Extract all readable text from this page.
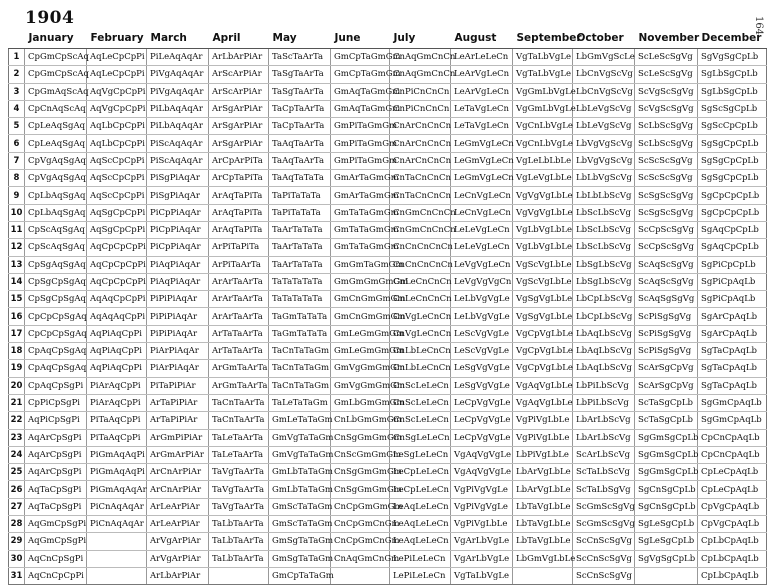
1904	164
	January	February	March	April	May	June	July	August	September	October	November	December
1	CpGmCpScAq	AqLeCpCpPi	PiLeAqAqAr	ArLbArPiAr	TaScTaArTa	GmCpTaGmGm	CnAqGmCnCn	LeArLeLeCn	VgTaLbVgLe	LbGmVgScLe	ScLeScSgVg	SgVgSgCpLb
2	CpGmCpScAq	AqLeCpCpPi	PiVgAqAqAr	ArScArPiAr	TaSgTaArTa	GmCpTaGmGm	CnAqGmCnCn	LeArVgLeCn	VgTaLbVgLe	LbCnVgScVg	ScLeScSgVg	SgLbSgCpLb
3	CpGmAqScAq	AqVgCpCpPi	PiVgAqAqAr	ArScArPiAr	TaSgTaArTa	GmAqTaGmGm	CnPiCnCnCn	LeArVgLeCn	VgGmLbVgLe	LbCnVgScVg	ScVgScSgVg	SgLbSgCpLb
4	CpCnAqScAq	AqVgCpCpPi	PiLbAqAqAr	ArSgArPiAr	TaCpTaArTa	GmAqTaGmGm	CnPiCnCnCn	LeTaVgLeCn	VgGmLbVgLe	LbLeVgScVg	ScVgScSgVg	SgScSgCpLb
5	CpLeAqSgAq	AqLbCpCpPi	PiLbAqAqAr	ArSgArPiAr	TaCpTaArTa	GmPiTaGmGm	CnArCnCnCn	LeTaVgLeCn	VgCnLbVgLe	LbLeVgScVg	ScLbScSgVg	SgScCpCpLb
6	CpLeAqSgAq	AqLbCpCpPi	PiScAqAqAr	ArSgArPiAr	TaAqTaArTa	GmPiTaGmGm	CnArCnCnCn	LeGmVgLeCn	VgCnLbVgLe	LbVgVgScVg	ScLbScSgVg	SgSgCpCpLb
7	CpVgAqSgAq	AqScCpCpPi	PiScAqAqAr	ArCpArPiTa	TaAqTaArTa	GmPiTaGmGm	CnArCnCnCn	LeGmVgLeCn	VgLeLbLbLe	LbVgVgScVg	ScScScSgVg	SgSgCpCpLb
8	CpVgAqSgAq	AqScCpCpPi	PiSgPiAqAr	ArCpTaPiTa	TaAqTaTaTa	GmArTaGmGm	CnTaCnCnCn	LeGmVgLeCn	VgLeVgLbLe	LbLbVgScVg	ScScScSgVg	SgSgCpCpLb
9	CpLbAqSgAq	AqScCpCpPi	PiSgPiAqAr	ArAqTaPiTa	TaPiTaTaTa	GmArTaGmGm	CnTaCnCnCn	LeCnVgLeCn	VgVgVgLbLe	LbLbLbScVg	ScSgScSgVg	SgCpCpCpLb
10	CpLbAqSgAq	AqSgCpCpPi	PiCpPiAqAr	ArAqTaPiTa	TaPiTaTaTa	GmTaTaGmGm	CnGmCnCnCn	LeCnVgLeCn	VgVgVgLbLe	LbScLbScVg	ScSgScSgVg	SgCpCpCpLb
11	CpScAqSgAq	AqSgCpCpPi	PiCpPiAqAr	ArAqTaPiTa	TaArTaTaTa	GmTaTaGmGm	CnGmCnCnCn	LeLeVgLeCn	VgLbVgLbLe	LbScLbScVg	ScCpScSgVg	SgAqCpCpLb
12	CpScAqSgAq	AqCpCpCpPi	PiCpPiAqAr	ArPiTaPiTa	TaArTaTaTa	GmTaTaGmGm	CnCnCnCnCn	LeLeVgLeCn	VgLbVgLbLe	LbScLbScVg	ScCpScSgVg	SgAqCpCpLb
13	CpSgAqSgAq	AqCpCpCpPi	PiAqPiAqAr	ArPiTaArTa	TaArTaTaTa	GmGmTaGmGm	CnCnCnCnCn	LeVgVgLeCn	VgScVgLbLe	LbSgLbScVg	ScAqScSgVg	SgPiCpCpLb
14	CpSgCpSgAq	AqCpCpCpPi	PiAqPiAqAr	ArArTaArTa	TaTaTaTaTa	GmGmGmGmGm	CnLeCnCnCn	LeVgVgVgCn	VgScVgLbLe	LbSgLbScVg	ScAqScSgVg	SgPiCpAqLb
15	CpSgCpSgAq	AqAqCpCpPi	PiPiPiAqAr	ArArTaArTa	TaTaTaTaTa	GmCnGmGmGm	CnLeCnCnCn	LeLbVgVgLe	VgSgVgLbLe	LbCpLbScVg	ScAqSgSgVg	SgPiCpAqLb
16	CpCpCpSgAq	AqAqAqCpPi	PiPiPiAqAr	ArArTaArTa	TaGmTaTaTa	GmCnGmGmGm	CnVgLeCnCn	LeLbVgVgLe	VgSgVgLbLe	LbCpLbScVg	ScPiSgSgVg	SgArCpAqLb
17	CpCpCpSgAq	AqPiAqCpPi	PiPiPiAqAr	ArTaTaArTa	TaGmTaTaTa	GmLeGmGmGm	CnVgLeCnCn	LeScVgVgLe	VgCpVgLbLe	LbAqLbScVg	ScPiSgSgVg	SgArCpAqLb
18	CpAqCpSgAq	AqPiAqCpPi	PiArPiAqAr	ArTaTaArTa	TaCnTaTaGm	GmLeGmGmGm	CnLbLeCnCn	LeScVgVgLe	VgCpVgLbLe	LbAqLbScVg	ScPiSgSgVg	SgTaCpAqLb
19	CpAqCpSgAq	AqPiAqCpPi	PiArPiAqAr	ArGmTaArTa	TaCnTaTaGm	GmVgGmGmGm	CnLbLeCnCn	LeSgVgVgLe	VgCpVgLbLe	LbAqLbScVg	ScArSgCpVg	SgTaCpAqLb
20	CpAqCpSgPi	PiArAqCpPi	PiTaPiPiAr	ArGmTaArTa	TaCnTaTaGm	GmVgGmGmGm	CnScLeLeCn	LeSgVgVgLe	VgAqVgLbLe	LbPiLbScVg	ScArSgCpVg	SgTaCpAqLb
21	CpPiCpSgPi	PiArAqCpPi	ArTaPiPiAr	TaCnTaArTa	TaLeTaTaGm	GmLbGmGmGm	CnScLeLeCn	LeCpVgVgLe	VgAqVgLbLe	LbPiLbScVg	ScTaSgCpLb	SgGmCpAqLb
22	AqPiCpSgPi	PiTaAqCpPi	ArTaPiPiAr	TaCnTaArTa	GmLeTaTaGm	CnLbGmGmGm	CnScLeLeCn	LeCpVgVgLe	VgPiVgLbLe	LbArLbScVg	ScTaSgCpLb	SgGmCpAqLb
23	AqArCpSgPi	PiTaAqCpPi	ArGmPiPiAr	TaLeTaArTa	GmVgTaTaGm	CnSgGmGmGm	CnSgLeLeCn	LeCpVgVgLe	VgPiVgLbLe	LbArLbScVg	SgGmSgCpLb	CpCnCpAqLb
24	AqArCpSgPi	PiGmAqAqPi	ArGmArPiAr	TaLeTaArTa	GmVgTaTaGm	CnScGmGmGm	LeSgLeLeCn	VgAqVgVgLe	LbPiVgLbLe	ScArLbScVg	SgGmSgCpLb	CpCnCpAqLb
25	AqArCpSgPi	PiGmAqAqPi	ArCnArPiAr	TaVgTaArTa	GmLbTaTaGm	CnSgGmGmGm	LeCpLeLeCn	VgAqVgVgLe	LbArVgLbLe	ScTaLbScVg	SgGmSgCpLb	CpLeCpAqLb
26	AqTaCpSgPi	PiGmAqAqAr	ArCnArPiAr	TaVgTaArTa	GmLbTaTaGm	CnSgGmGmGm	LeCpLeLeCn	VgPiVgVgLe	LbArVgLbLe	ScTaLbSgVg	SgCnSgCpLb	CpLeCpAqLb
27	AqTaCpSgPi	PiCnAqAqAr	ArLeArPiAr	TaVgTaArTa	GmScTaTaGm	CnCpGmGmGm	LeAqLeLeCn	VgPiVgVgLe	LbTaVgLbLe	ScGmScSgVg	SgCnSgCpLb	CpVgCpAqLb
28	AqGmCpSgPi	PiCnAqAqAr	ArLeArPiAr	TaLbTaArTa	GmScTaTaGm	CnCpGmCnGm	LeAqLeLeCn	VgPiVgLbLe	LbTaVgLbLe	ScGmScSgVg	SgLeSgCpLb	CpVgCpAqLb
29	AqGmCpSgPi		ArVgArPiAr	TaLbTaArTa	GmSgTaTaGm	CnCpGmCnGm	LeAqLeLeCn	VgArLbVgLe	LbTaVgLbLe	ScCnScSgVg	SgLeSgCpLb	CpLbCpAqLb
30	AqCnCpSgPi		ArVgArPiAr	TaLbTaArTa	GmSgTaTaGm	CnAqGmCnGm	LePiLeLeCn	VgArLbVgLe	LbGmVgLbLe	ScCnScSgVg	SgVgSgCpLb	CpLbCpAqLb
31	AqCnCpCpPi		ArLbArPiAr		GmCpTaTaGm		LePiLeLeCn	VgTaLbVgLe		ScCnScSgVg		CpLbCpAqLb
